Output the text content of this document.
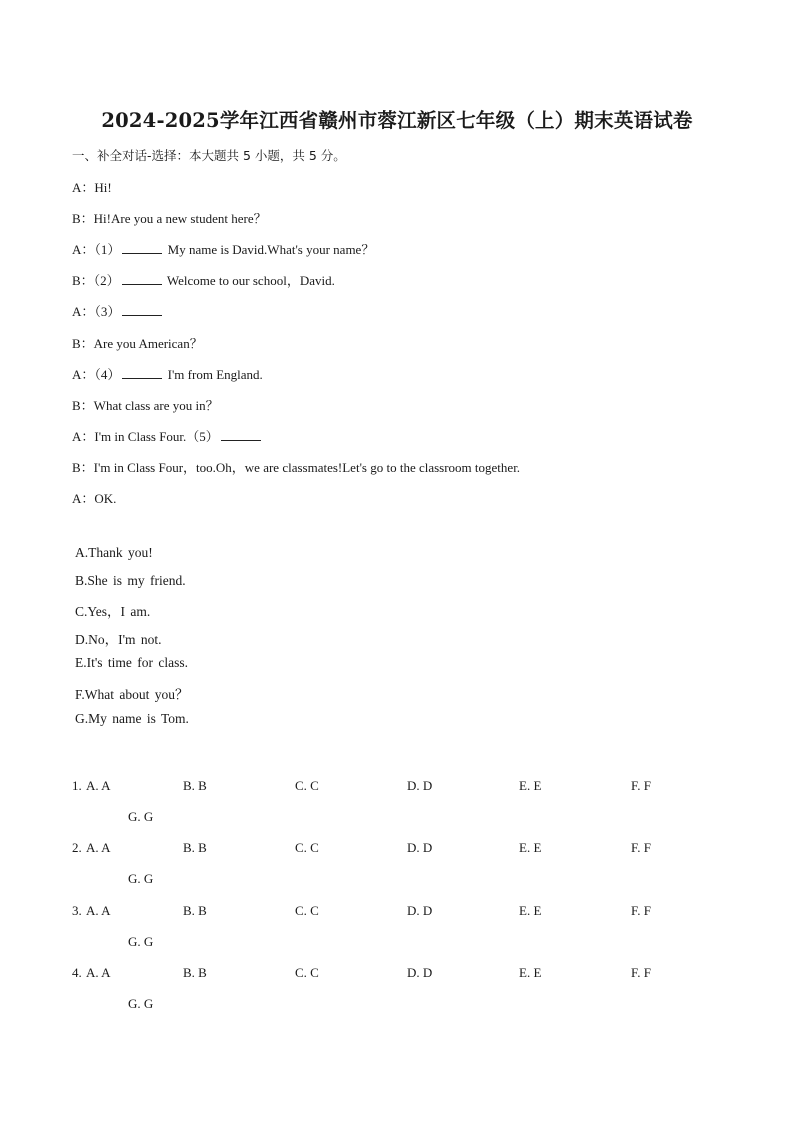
2024-2025学年江西省赣州市蓉江新区七年级（上）期末英语试卷
一、补全对话-选择：本大题共 5 小题，共 5 分。
A：Hi!
B：Hi!Are you a new student here？
A：（1）	My name is David.What's your name？
B：（2）	Welcome to our school，David.
A：（3）
B：Are you American？
A：（4）	I'm from England.
B：What class are you in？
A：I'm in Class Four.（5）
B：I'm in Class Four，too.Oh，we are classmates!Let's go to the classroom together.
A：OK.
A.Thank you!
B.She is my friend.
C.Yes，I am.
D.No，I'm not.
E.It's time for class.
F.What about you？
G.My name is Tom.
1. A. A	B. B	C. C	D. D	E. E	F. F
G. G
2. A. A	B. B	C. C	D. D	E. E	F. F
G. G
3. A. A	B. B	C. C	D. D	E. E	F. F
G. G
4. A. A	B. B	C. C	D. D	E. E	F. F
G. G
